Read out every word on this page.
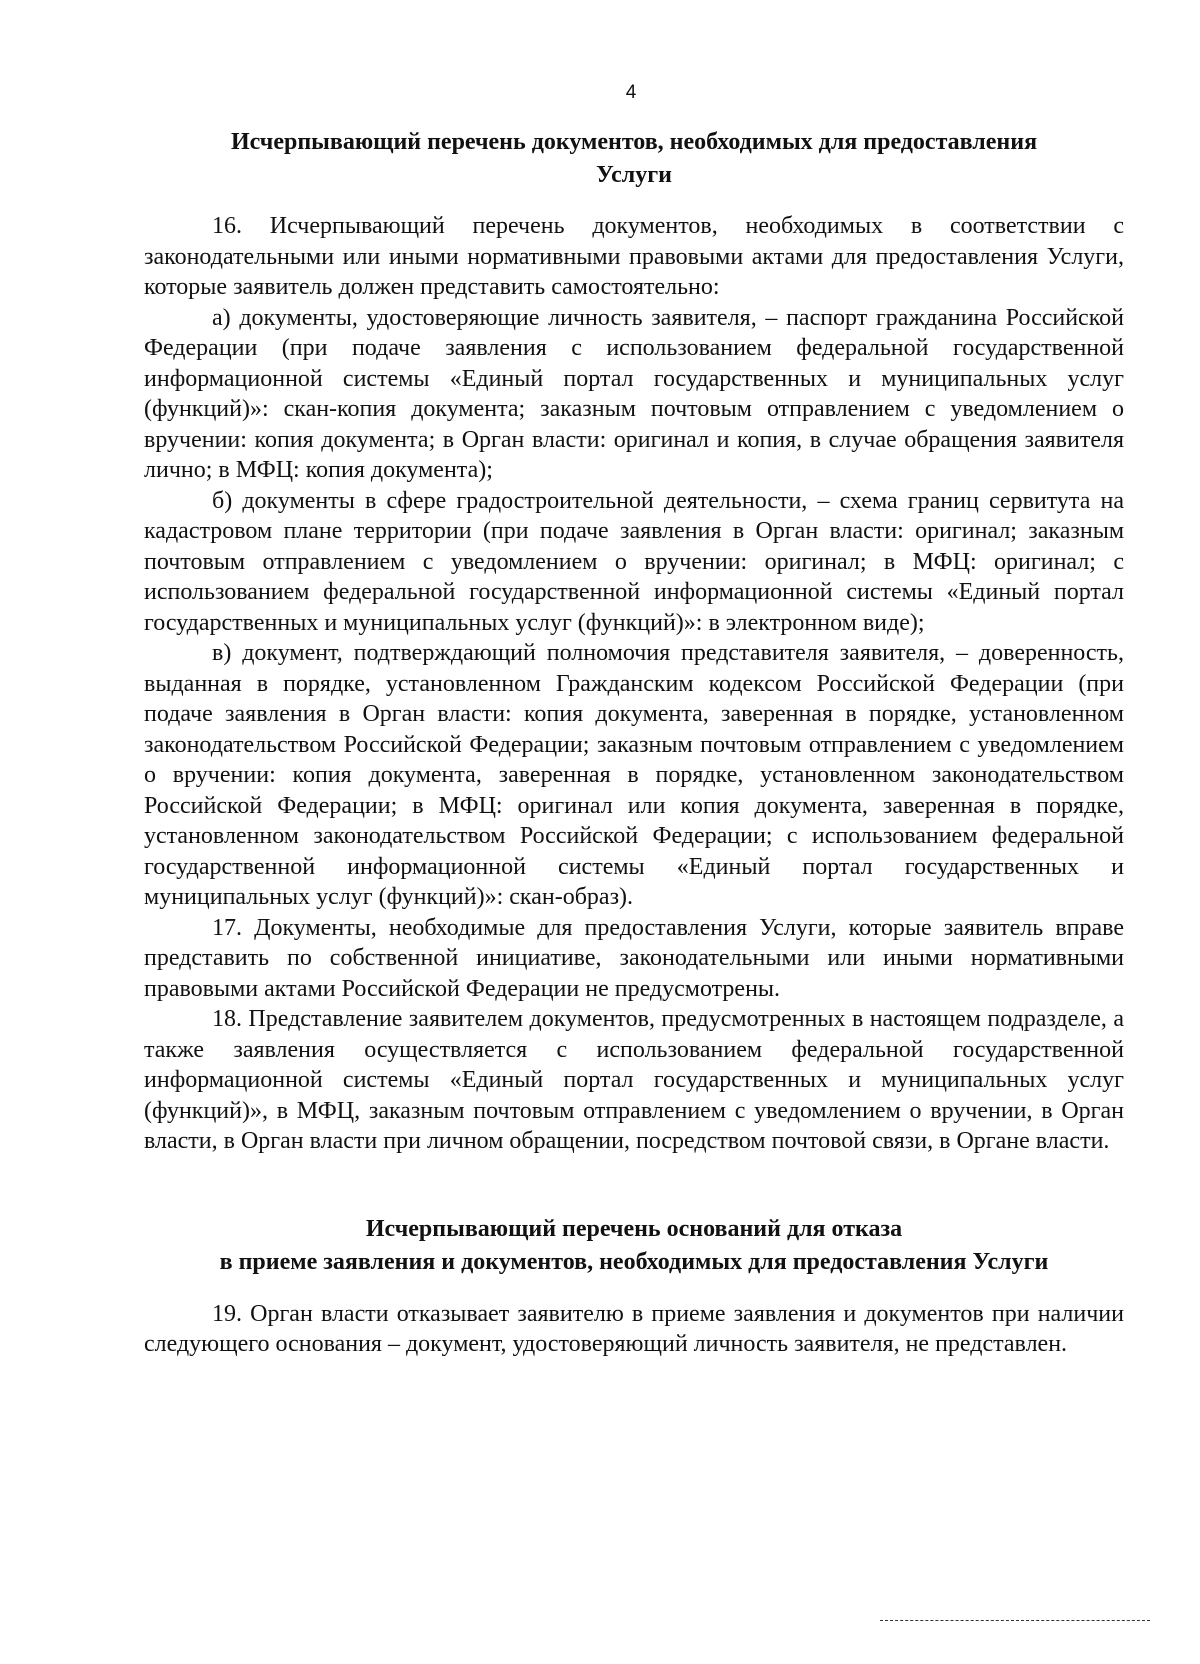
4
Исчерпывающий перечень документов, необходимых для предоставления
Услуги

16. Исчерпывающий перечень документов, необходимых в соответствии с законодательными или иными нормативными правовыми актами для предоставления Услуги, которые заявитель должен представить самостоятельно:

а) документы, удостоверяющие личность заявителя, – паспорт гражданина Российской Федерации (при подаче заявления с использованием федеральной государственной информационной системы «Единый портал государственных и муниципальных услуг (функций)»: скан-копия документа; заказным почтовым отправлением с уведомлением о вручении: копия документа; в Орган власти: оригинал и копия, в случае обращения заявителя лично; в МФЦ: копия документа);

б) документы в сфере градостроительной деятельности, – схема границ сервитута на кадастровом плане территории (при подаче заявления в Орган власти: оригинал; заказным почтовым отправлением с уведомлением о вручении: оригинал; в МФЦ: оригинал; с использованием федеральной государственной информационной системы «Единый портал государственных и муниципальных услуг (функций)»: в электронном виде);

в) документ, подтверждающий полномочия представителя заявителя, – доверенность, выданная в порядке, установленном Гражданским кодексом Российской Федерации (при подаче заявления в Орган власти: копия документа, заверенная в порядке, установленном законодательством Российской Федерации; заказным почтовым отправлением с уведомлением о вручении: копия документа, заверенная в порядке, установленном законодательством Российской Федерации; в МФЦ: оригинал или копия документа, заверенная в порядке, установленном законодательством Российской Федерации; с использованием федеральной государственной информационной системы «Единый портал государственных и муниципальных услуг (функций)»: скан-образ).

17. Документы, необходимые для предоставления Услуги, которые заявитель вправе представить по собственной инициативе, законодательными или иными нормативными правовыми актами Российской Федерации не предусмотрены.

18. Представление заявителем документов, предусмотренных в настоящем подразделе, а также заявления осуществляется с использованием федеральной государственной информационной системы «Единый портал государственных и муниципальных услуг (функций)», в МФЦ, заказным почтовым отправлением с уведомлением о вручении, в Орган власти, в Орган власти при личном обращении, посредством почтовой связи, в Органе власти.

Исчерпывающий перечень оснований для отказа
в приеме заявления и документов, необходимых для предоставления Услуги

19. Орган власти отказывает заявителю в приеме заявления и документов при наличии следующего основания – документ, удостоверяющий личность заявителя, не представлен.
